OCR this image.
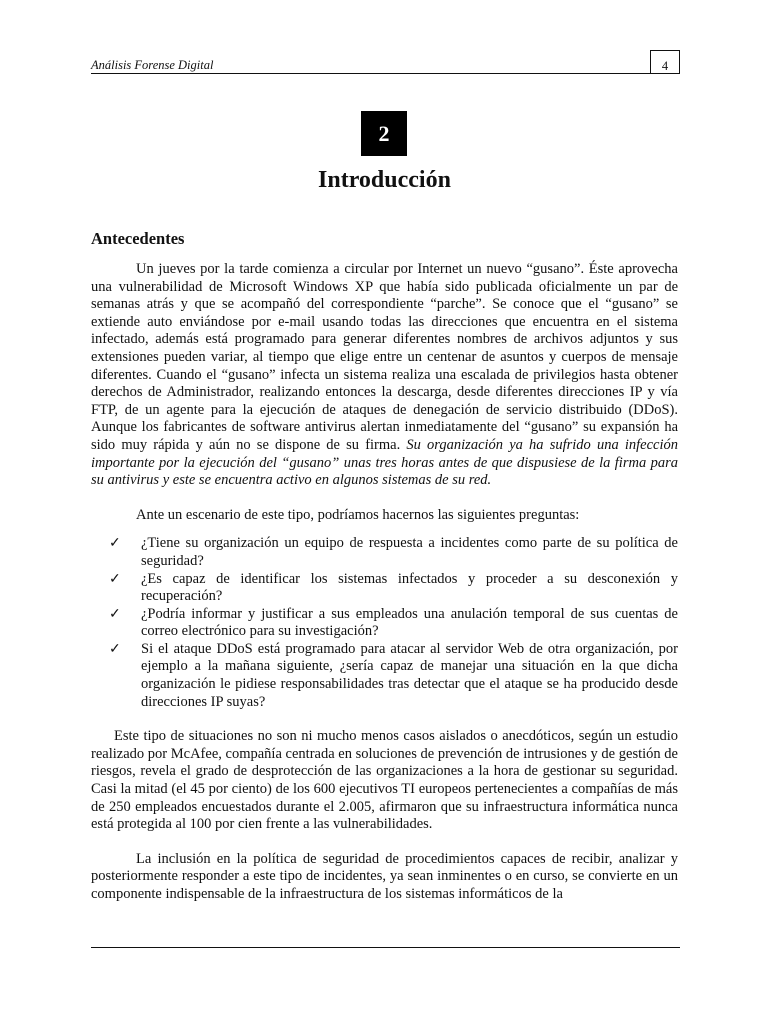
Análisis Forense Digital	4
2
Introducción
Antecedentes

Un jueves por la tarde comienza a circular por Internet un nuevo “gusano”. Éste aprovecha una vulnerabilidad de Microsoft Windows XP que había sido publicada oficialmente un par de semanas atrás y que se acompañó del correspondiente “parche”. Se conoce que el “gusano” se extiende auto enviándose por e-mail usando todas las direcciones que encuentra en el sistema infectado, además está programado para generar diferentes nombres de archivos adjuntos y sus extensiones pueden variar, al tiempo que elige entre un centenar de asuntos y cuerpos de mensaje diferentes. Cuando el “gusano” infecta un sistema realiza una escalada de privilegios hasta obtener derechos de Administrador, realizando entonces la descarga, desde diferentes direcciones IP y vía FTP, de un agente para la ejecución de ataques de denegación de servicio distribuido (DDoS). Aunque los fabricantes de software antivirus alertan inmediatamente del “gusano” su expansión ha sido muy rápida y aún no se dispone de su firma. Su organización ya ha sufrido una infección importante por la ejecución del “gusano” unas tres horas antes de que dispusiese de la firma para su antivirus y este se encuentra activo en algunos sistemas de su red.

Ante un escenario de este tipo, podríamos hacernos las siguientes preguntas:

✓ ¿Tiene su organización un equipo de respuesta a incidentes como parte de su política de seguridad?
✓ ¿Es capaz de identificar los sistemas infectados y proceder a su desconexión y recuperación?
✓ ¿Podría informar y justificar a sus empleados una anulación temporal de sus cuentas de correo electrónico para su investigación?
✓ Si el ataque DDoS está programado para atacar al servidor Web de otra organización, por ejemplo a la mañana siguiente, ¿sería capaz de manejar una situación en la que dicha organización le pidiese responsabilidades tras detectar que el ataque se ha producido desde direcciones IP suyas?

Este tipo de situaciones no son ni mucho menos casos aislados o anecdóticos, según un estudio realizado por McAfee, compañía centrada en soluciones de prevención de intrusiones y de gestión de riesgos, revela el grado de desprotección de las organizaciones a la hora de gestionar su seguridad. Casi la mitad (el 45 por ciento) de los 600 ejecutivos TI europeos pertenecientes a compañías de más de 250 empleados encuestados durante el 2.005, afirmaron que su infraestructura informática nunca está protegida al 100 por cien frente a las vulnerabilidades.

La inclusión en la política de seguridad de procedimientos capaces de recibir, analizar y posteriormente responder a este tipo de incidentes, ya sean inminentes o en curso, se convierte en un componente indispensable de la infraestructura de los sistemas informáticos de la
